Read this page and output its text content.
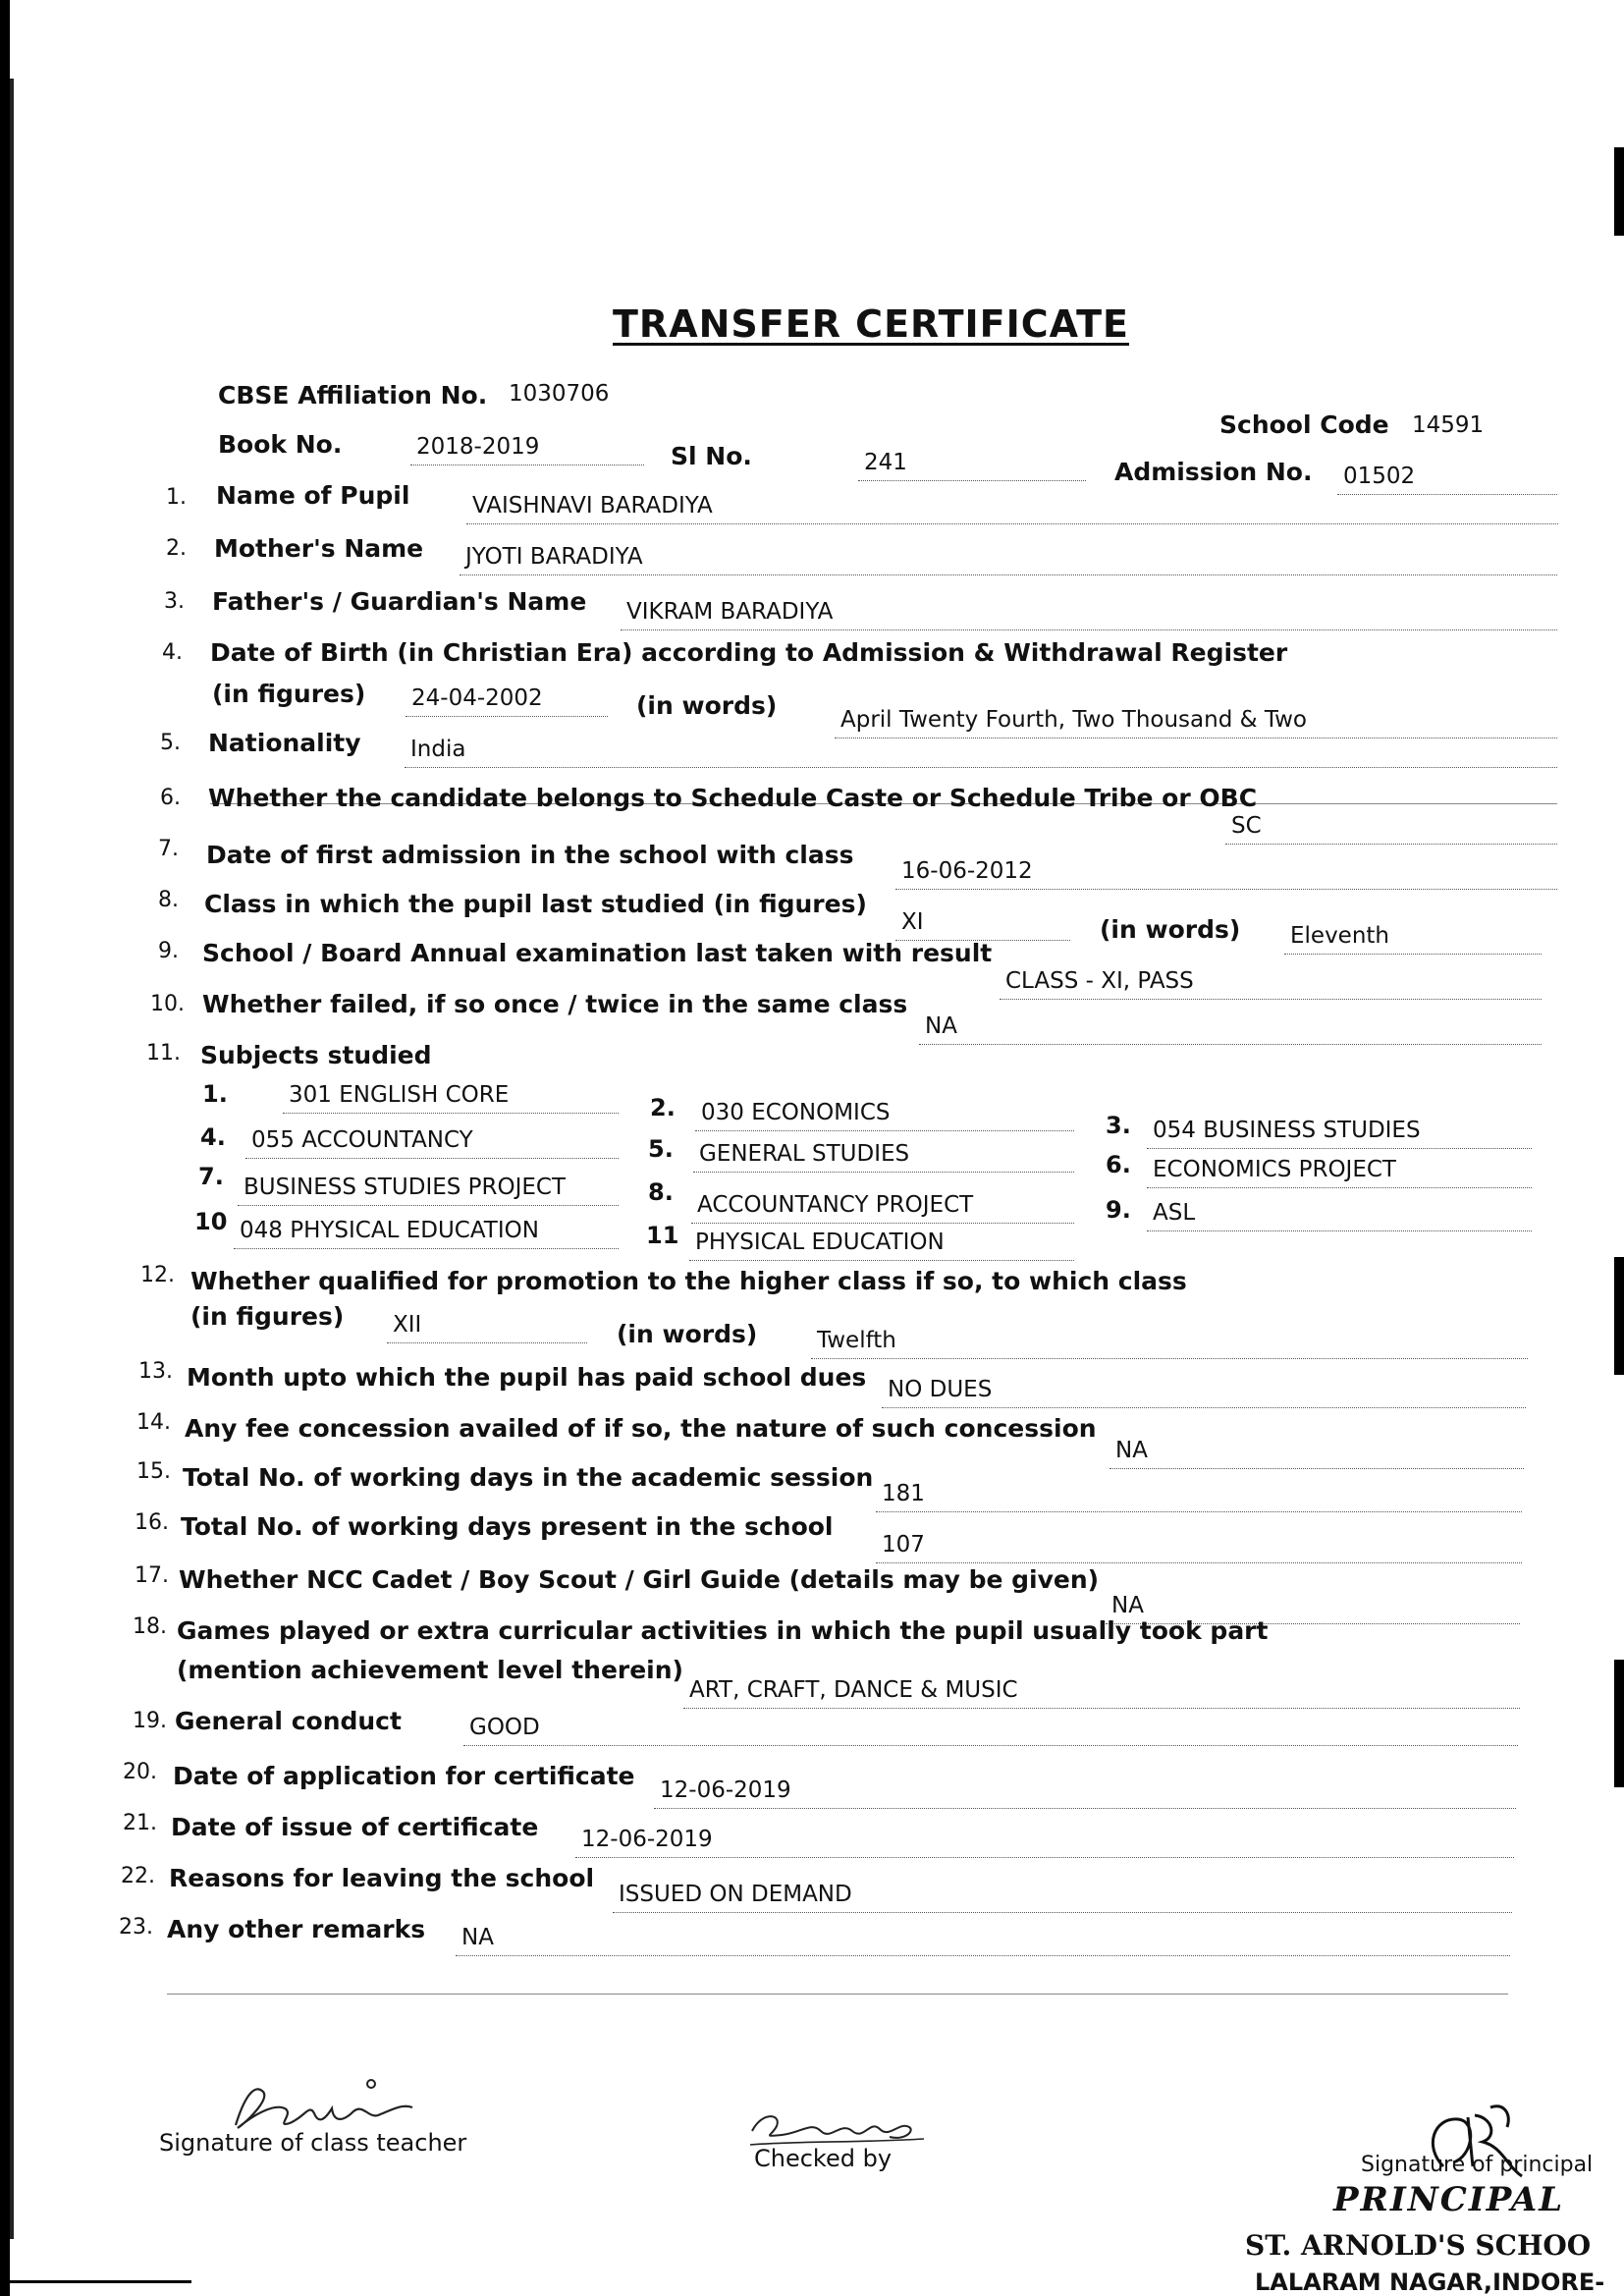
TRANSFER CERTIFICATE
CBSE Affiliation No. 1030706
School Code 14591
Book No.	2018-2019	Sl No.	241	Admission No. 01502
1. Name of Pupil	VAISHNAVI BARADIYA
2. Mother's Name JYOTI BARADIYA
3. Father's / Guardian's Name VIKRAM BARADIYA
4. Date of Birth (in Christian Era) according to Admission & Withdrawal Register
(in figures) 24-04-2002	(in words)	April Twenty Fourth, Two Thousand & Two
5. Nationality India
6. Whether the candidate belongs to Schedule Caste or Schedule Tribe or OBC
SC
7. Date of first admission in the school with class
16-06-2012
8. Class in which the pupil last studied (in figures)
XI	(in words) Eleventh
9. School / Board Annual examination last taken with result
CLASS - XI, PASS
10. Whether failed, if so once / twice in the same class
NA
11. Subjects studied
1.	301 ENGLISH CORE	2. 030 ECONOMICS	3. 054 BUSINESS STUDIES
4. 055 ACCOUNTANCY	5. GENERAL STUDIES	6. ECONOMICS PROJECT
7. BUSINESS STUDIES PROJECT	8. ACCOUNTANCY PROJECT	9. ASL
10 048 PHYSICAL EDUCATION	11 PHYSICAL EDUCATION
12. Whether qualified for promotion to the higher class if so, to which class
(in figures) XII	(in words)	Twelfth
13. Month upto which the pupil has paid school dues NO DUES
14. Any fee concession availed of if so, the nature of such concession
NA
15. Total No. of working days in the academic session
181
16. Total No. of working days present in the school
107
17. Whether NCC Cadet / Boy Scout / Girl Guide (details may be given)
NA
18. Games played or extra curricular activities in which the pupil usually took part
(mention achievement level therein)
ART, CRAFT, DANCE & MUSIC
19. General conduct	GOOD
20. Date of application for certificate 12-06-2019
21. Date of issue of certificate 12-06-2019
22. Reasons for leaving the school
ISSUED ON DEMAND
23. Any other remarks NA
Signature of class teacher
Checked by	Signature of principal
PRINCIPAL
ST. ARNOLD'S SCHOO
LALARAM NAGAR,INDORE-
